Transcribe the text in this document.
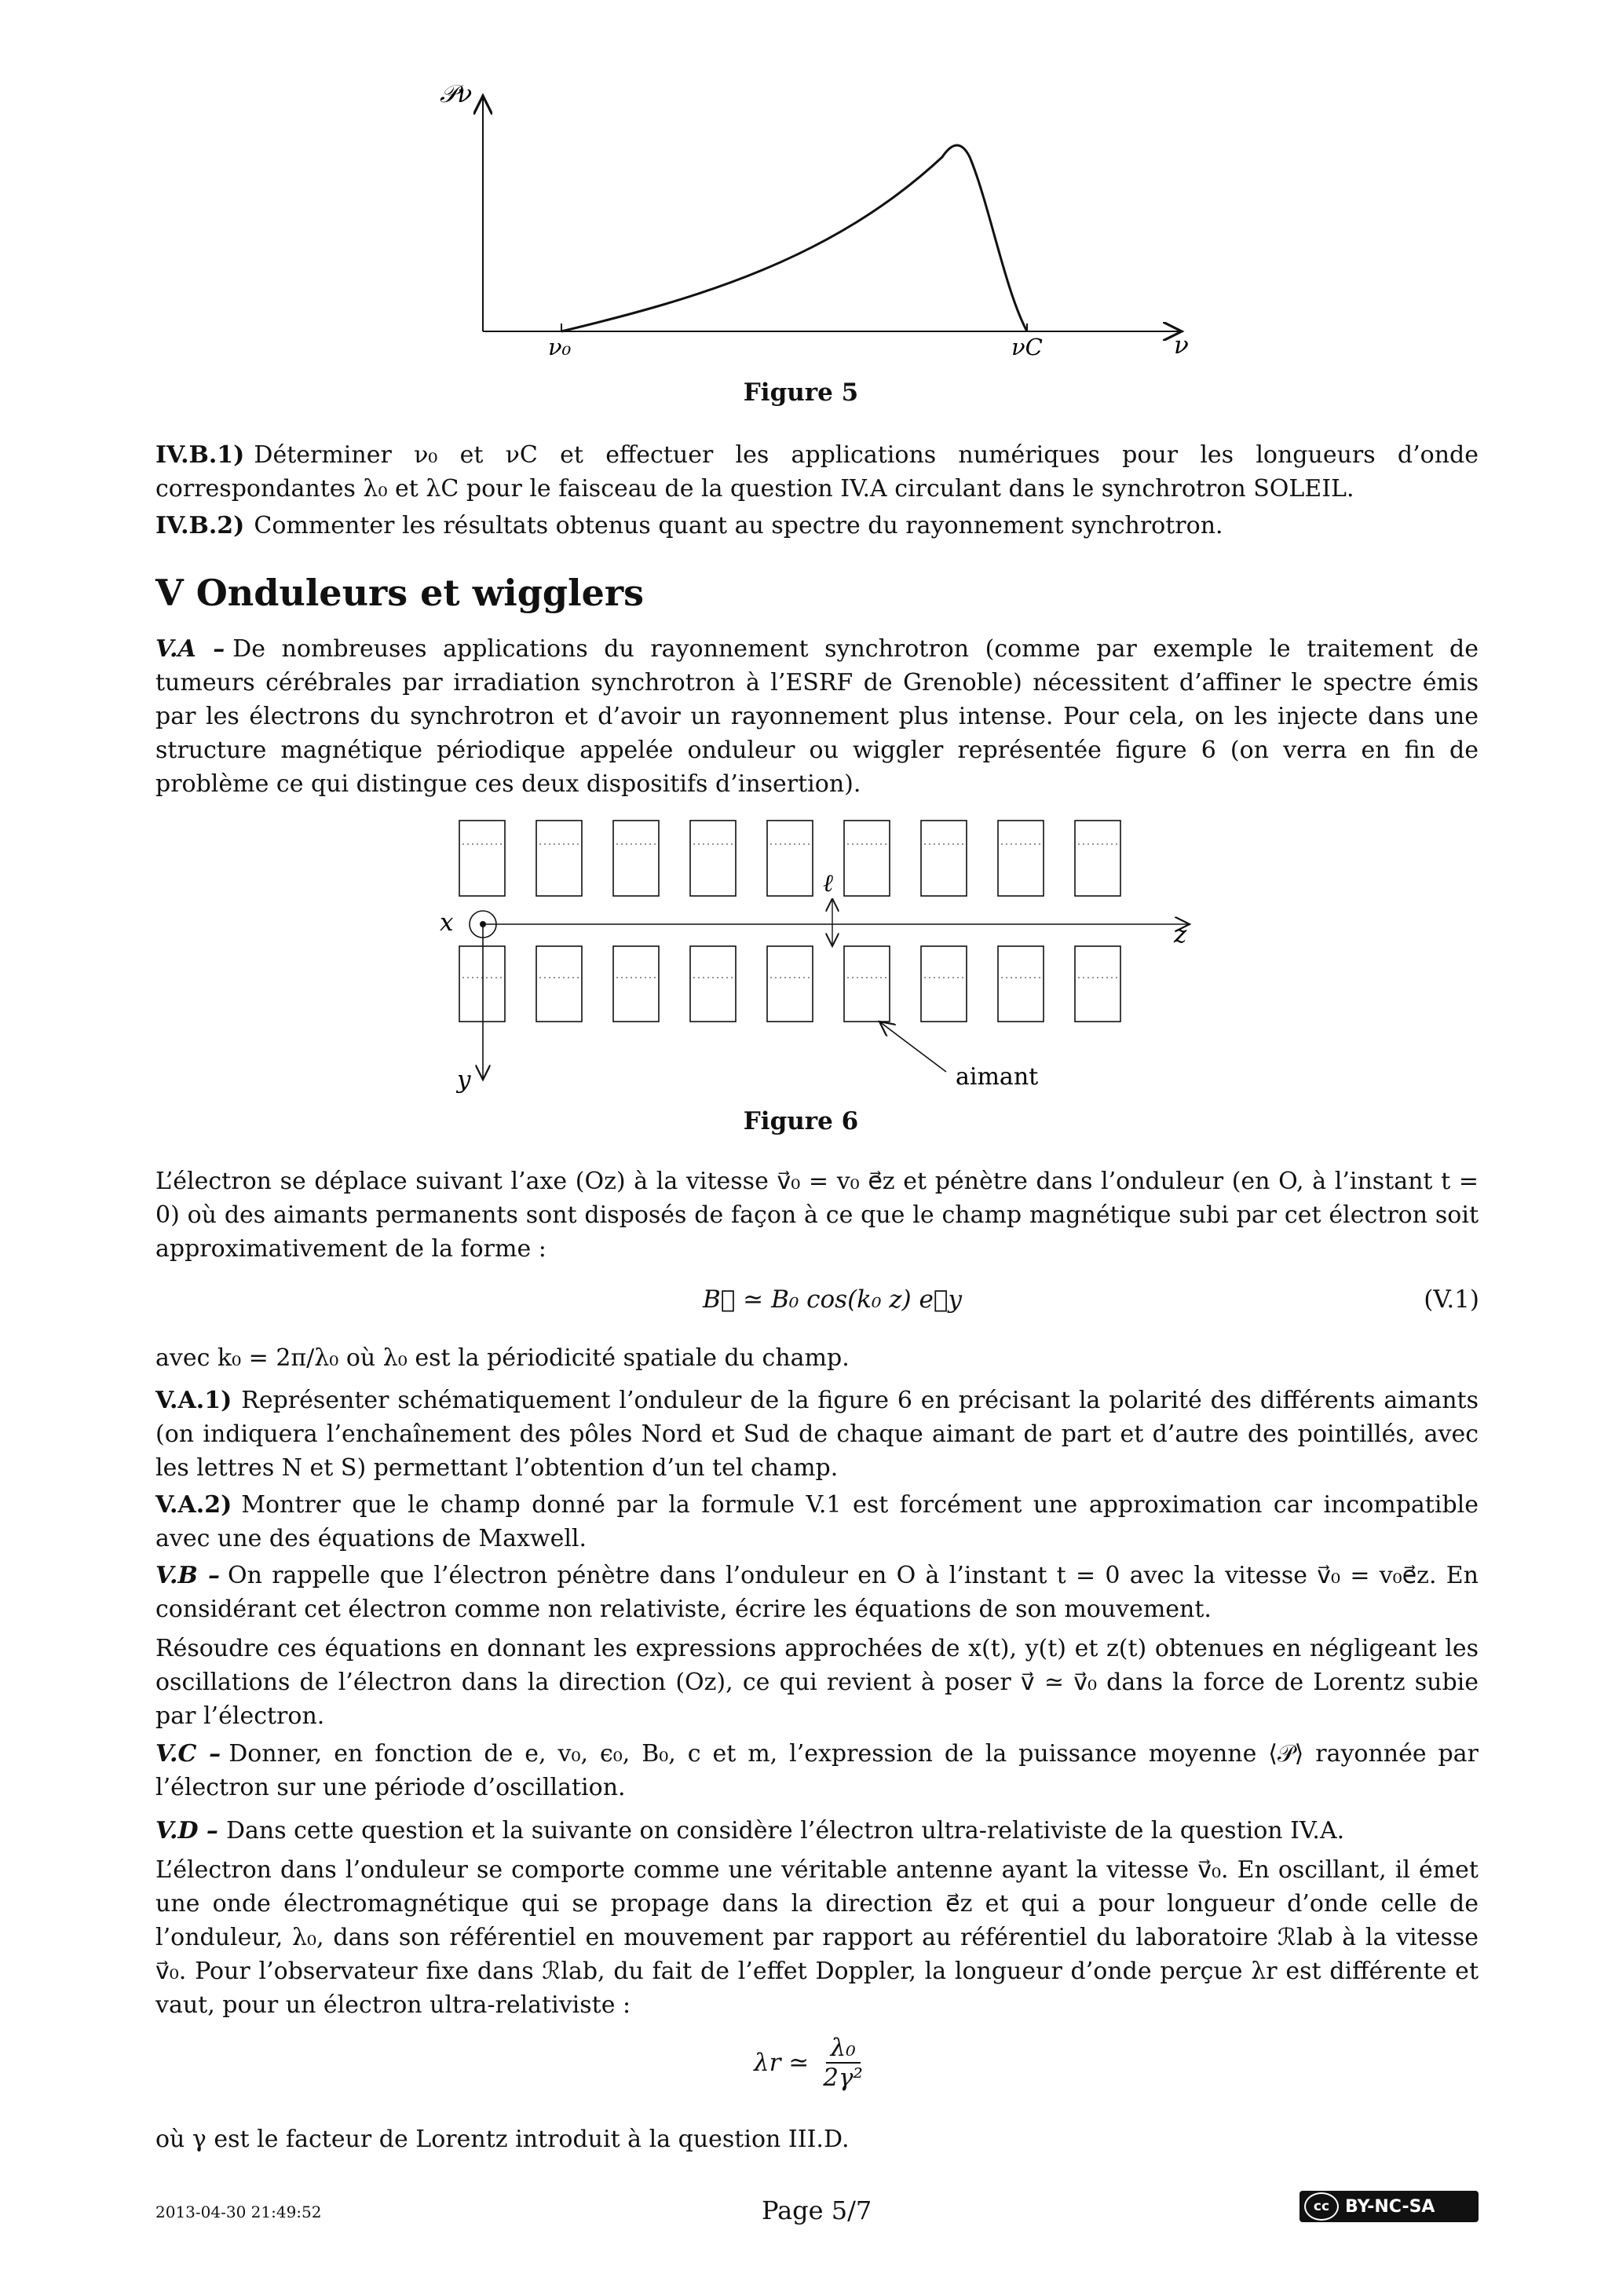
𝒫ν
ν
ν₀	νC
Figure 5

IV.B.1) Déterminer ν₀ et νC et effectuer les applications numériques pour les longueurs d’onde correspondantes λ₀ et λC pour le faisceau de la question IV.A circulant dans le synchrotron SOLEIL.

IV.B.2) Commenter les résultats obtenus quant au spectre du rayonnement synchrotron.

V Onduleurs et wigglers

V.A – De nombreuses applications du rayonnement synchrotron (comme par exemple le traitement de tumeurs cérébrales par irradiation synchrotron à l’ESRF de Grenoble) nécessitent d’affiner le spectre émis par les électrons du synchrotron et d’avoir un rayonnement plus intense. Pour cela, on les injecte dans une structure magnétique périodique appelée onduleur ou wiggler représentée figure 6 (on verra en fin de problème ce qui distingue ces deux dispositifs d’insertion).

x
y
z
ℓ
aimant
Figure 6

L’électron se déplace suivant l’axe (Oz) à la vitesse v⃗₀ = v₀ e⃗z et pénètre dans l’onduleur (en O, à l’instant t = 0) où des aimants permanents sont disposés de façon à ce que le champ magnétique subi par cet électron soit approximativement de la forme :

B⃗ ≃ B₀ cos(k₀ z) e⃗y	(V.1)

avec k₀ = 2π/λ₀ où λ₀ est la périodicité spatiale du champ.

V.A.1) Représenter schématiquement l’onduleur de la figure 6 en précisant la polarité des différents aimants (on indiquera l’enchaînement des pôles Nord et Sud de chaque aimant de part et d’autre des pointillés, avec les lettres N et S) permettant l’obtention d’un tel champ.

V.A.2) Montrer que le champ donné par la formule V.1 est forcément une approximation car incompatible avec une des équations de Maxwell.

V.B – On rappelle que l’électron pénètre dans l’onduleur en O à l’instant t = 0 avec la vitesse v⃗₀ = v₀e⃗z. En considérant cet électron comme non relativiste, écrire les équations de son mouvement.

Résoudre ces équations en donnant les expressions approchées de x(t), y(t) et z(t) obtenues en négligeant les oscillations de l’électron dans la direction (Oz), ce qui revient à poser v⃗ ≃ v⃗₀ dans la force de Lorentz subie par l’électron.

V.C – Donner, en fonction de e, v₀, ϵ₀, B₀, c et m, l’expression de la puissance moyenne ⟨𝒫⟩ rayonnée par l’électron sur une période d’oscillation.

V.D – Dans cette question et la suivante on considère l’électron ultra-relativiste de la question IV.A.

L’électron dans l’onduleur se comporte comme une véritable antenne ayant la vitesse v⃗₀. En oscillant, il émet une onde électromagnétique qui se propage dans la direction e⃗z et qui a pour longueur d’onde celle de l’onduleur, λ₀, dans son référentiel en mouvement par rapport au référentiel du laboratoire ℛlab à la vitesse v⃗₀. Pour l’observateur fixe dans ℛlab, du fait de l’effet Doppler, la longueur d’onde perçue λr est différente et vaut, pour un électron ultra-relativiste :

λr ≃ $\frac{\text{λ₀}}{\text{2γ²}}$

où γ est le facteur de Lorentz introduit à la question III.D.

2013-04-30 21:49:52	Page 5/7	cc BY-NC-SA
